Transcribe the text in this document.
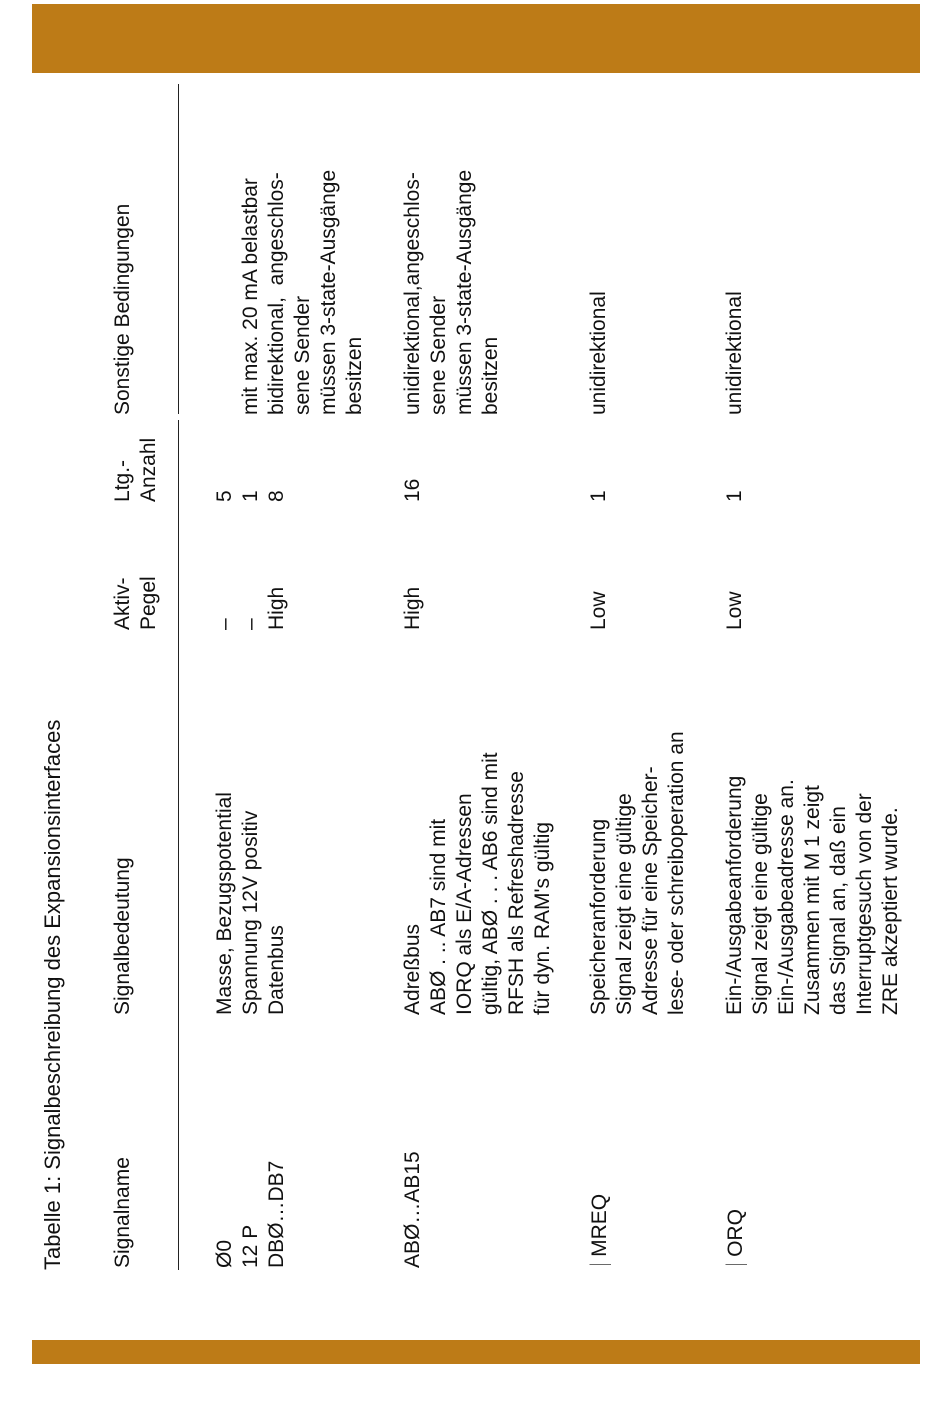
Tabelle 1: Signalbeschreibung des Expansionsinterfaces Signalname
Signalbedeutung
Aktiv-
Pegel
Ltg.-
Anzahl
Sonstige Bedingungen
Ø0
12 P
DBØ…DB7
Masse, Bezugspotential
Spannung 12V positiv
Datenbus
–
–
High
5
1
8

mit max. 20 mA belastbar
bidirektional,  angeschlos-
sene Sender
müssen 3-state-Ausgänge
besitzen
ABØ…AB15
Adreßbus
ABØ . .. AB7 sind mit
IORQ als E/A-Adressen
gültig, ABØ . . . AB6 sind mit
RFSH als Refreshadresse
für dyn. RAM's gültig
High
16
unidirektional,angeschlos-
sene Sender
müssen 3-state-Ausgänge
besitzen
|MREQ
Speicheranforderung
Signal zeigt eine gültige
Adresse für eine Speicher-
lese- oder schreiboperation an
Low
1
unidirektional
|ORQ
Ein-/Ausgabeanforderung
Signal zeigt eine gültige
Ein-/Ausgabeadresse an.
Zusammen mit M 1 zeigt
das Signal an, daß ein
Interruptgesuch von der
ZRE akzeptiert wurde.
Low
1
unidirektional
